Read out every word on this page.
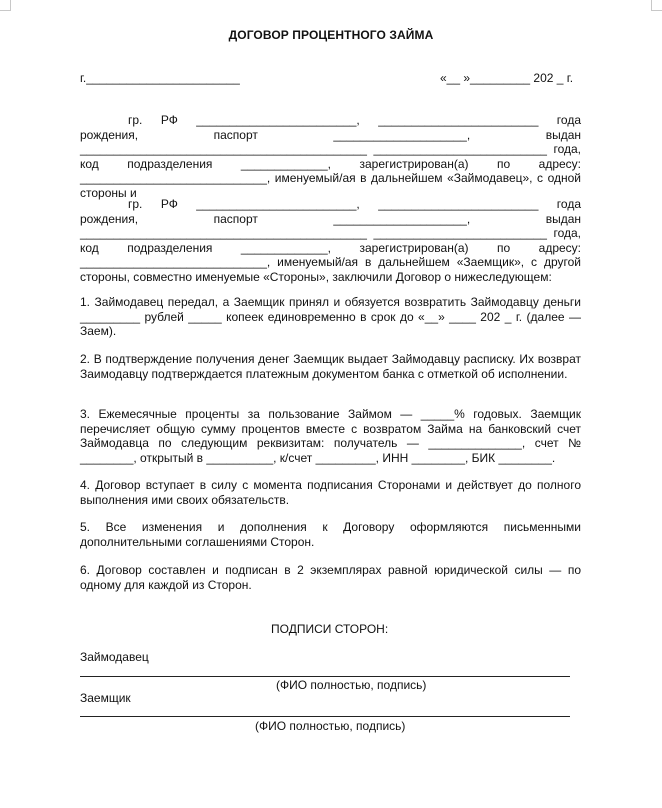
ДОГОВОР ПРОЦЕНТНОГО ЗАЙМА
г._______________________	«__ »_________ 202 _ г.
гр. РФ ________________________, ________________________ года рождения, паспорт ____________________, выдан ___________________________________________ __________________________ года, код подразделения _____________, зарегистрирован(а) по адресу: ____________________________, именуемый/ая в дальнейшем «Займодавец», с одной стороны и
гр. РФ ________________________, ________________________ года рождения, паспорт ____________________, выдан ___________________________________________ __________________________ года, код подразделения _____________, зарегистрирован(а) по адресу: ____________________________, именуемый/ая в дальнейшем «Заемщик», с другой стороны, совместно именуемые «Стороны», заключили Договор о нижеследующем:
1. Займодавец передал, а Заемщик принял и обязуется возвратить Займодавцу деньги _________ рублей _____ копеек единовременно в срок до «__» ____ 202 _ г. (далее — Заем).
2. В подтверждение получения денег Заемщик выдает Займодавцу расписку. Их возврат Заимодавцу подтверждается платежным документом банка с отметкой об исполнении.
3. Ежемесячные проценты за пользование Займом — _____% годовых. Заемщик перечисляет общую сумму процентов вместе с возвратом Займа на банковский счет Займодавца по следующим реквизитам: получатель — ______________, счет № ________, открытый в __________, к/счет _________, ИНН ________, БИК ________.
4. Договор вступает в силу с момента подписания Сторонами и действует до полного выполнения ими своих обязательств.
5. Все изменения и дополнения к Договору оформляются письменными дополнительными соглашениями Сторон.
6. Договор составлен и подписан в 2 экземплярах равной юридической силы — по одному для каждой из Сторон.
ПОДПИСИ СТОРОН:
Займодавец
(ФИО полностью, подпись)
Заемщик
(ФИО полностью, подпись)
